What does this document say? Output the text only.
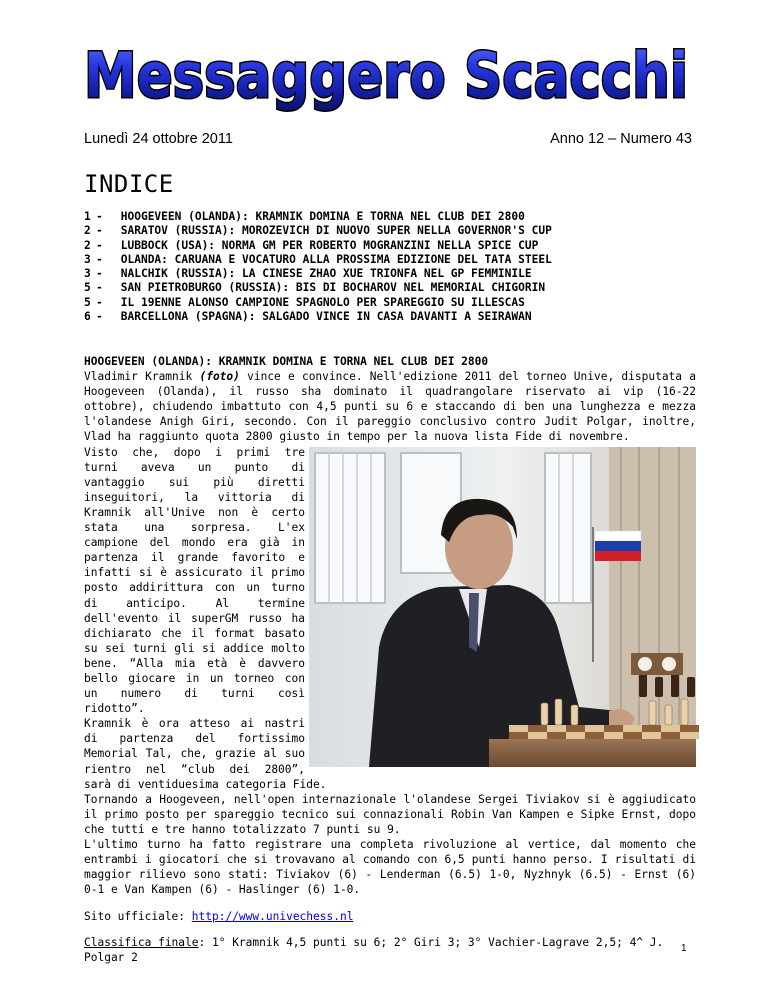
Messaggero Scacchi
Lunedì 24 ottobre 2011	Anno 12 – Numero 43
INDICE
1- HOOGEVEEN (OLANDA): KRAMNIK DOMINA E TORNA NEL CLUB DEI 2800
2- SARATOV (RUSSIA): MOROZEVICH DI NUOVO SUPER NELLA GOVERNOR'S CUP
2- LUBBOCK (USA): NORMA GM PER ROBERTO MOGRANZINI NELLA SPICE CUP
3- OLANDA: CARUANA E VOCATURO ALLA PROSSIMA EDIZIONE DEL TATA STEEL
3- NALCHIK (RUSSIA): LA CINESE ZHAO XUE TRIONFA NEL GP FEMMINILE
5- SAN PIETROBURGO (RUSSIA): BIS DI BOCHAROV NEL MEMORIAL CHIGORIN
5- IL 19ENNE ALONSO CAMPIONE SPAGNOLO PER SPAREGGIO SU ILLESCAS
6- BARCELLONA (SPAGNA): SALGADO VINCE IN CASA DAVANTI A SEIRAWAN
HOOGEVEEN (OLANDA): KRAMNIK DOMINA E TORNA NEL CLUB DEI 2800

Vladimir Kramnik (foto) vince e convince. Nell'edizione 2011 del torneo Unive, disputata a Hoogeveen (Olanda), il russo sha dominato il quadrangolare riservato ai vip (16-22 ottobre), chiudendo imbattuto con 4,5 punti su 6 e staccando di ben una lunghezza e mezza l'olandese Anigh Giri, secondo. Con il pareggio conclusivo contro Judit Polgar, inoltre, Vlad ha raggiunto quota 2800 giusto in tempo per la nuova lista Fide di novembre.

Visto che, dopo i primi tre turni aveva un punto di vantaggio sui più diretti inseguitori, la vittoria di Kramnik all'Unive non è certo stata una sorpresa. L'ex campione del mondo era già in partenza il grande favorito e infatti si è assicurato il primo posto addirittura con un turno di anticipo. Al termine dell'evento il superGM russo ha dichiarato che il format basato su sei turni gli si addice molto bene. “Alla mia età è davvero bello giocare in un torneo con un numero di turni così ridotto”.

Kramnik è ora atteso ai nastri di partenza del fortissimo Memorial Tal, che, grazie al suo rientro nel “club dei 2800”, sarà di ventiduesima categoria Fide.

Tornando a Hoogeveen, nell'open internazionale l'olandese Sergei Tiviakov si è aggiudicato il primo posto per spareggio tecnico sui connazionali Robin Van Kampen e Sipke Ernst, dopo che tutti e tre hanno totalizzato 7 punti su 9.

L'ultimo turno ha fatto registrare una completa rivoluzione al vertice, dal momento che entrambi i giocatori che si trovavano al comando con 6,5 punti hanno perso. I risultati di maggior rilievo sono stati: Tiviakov (6) - Lenderman (6.5) 1-0, Nyzhnyk (6.5) - Ernst (6) 0-1 e Van Kampen (6) - Haslinger (6) 1-0.

Sito ufficiale: http://www.univechess.nl

Classifica finale: 1° Kramnik 4,5 punti su 6; 2° Giri 3; 3° Vachier-Lagrave 2,5; 4^ J. Polgar 2

1
